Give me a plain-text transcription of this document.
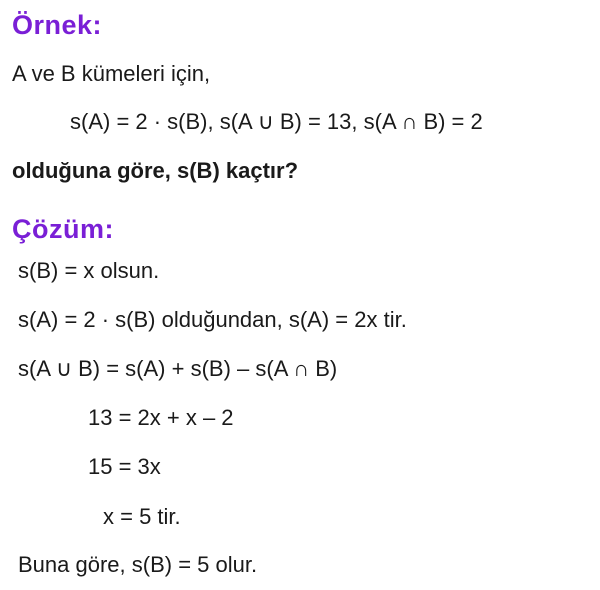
Örnek:
A ve B kümeleri için,
s(A) = 2 · s(B), s(A ∪ B) = 13, s(A ∩ B) = 2
olduğuna göre, s(B) kaçtır?
Çözüm:
s(B) = x olsun.
s(A) = 2 · s(B) olduğundan, s(A) = 2x tir.
s(A ∪ B) = s(A) + s(B) – s(A ∩ B)
13 = 2x + x – 2
15 = 3x
x = 5 tir.
Buna göre, s(B) = 5 olur.
